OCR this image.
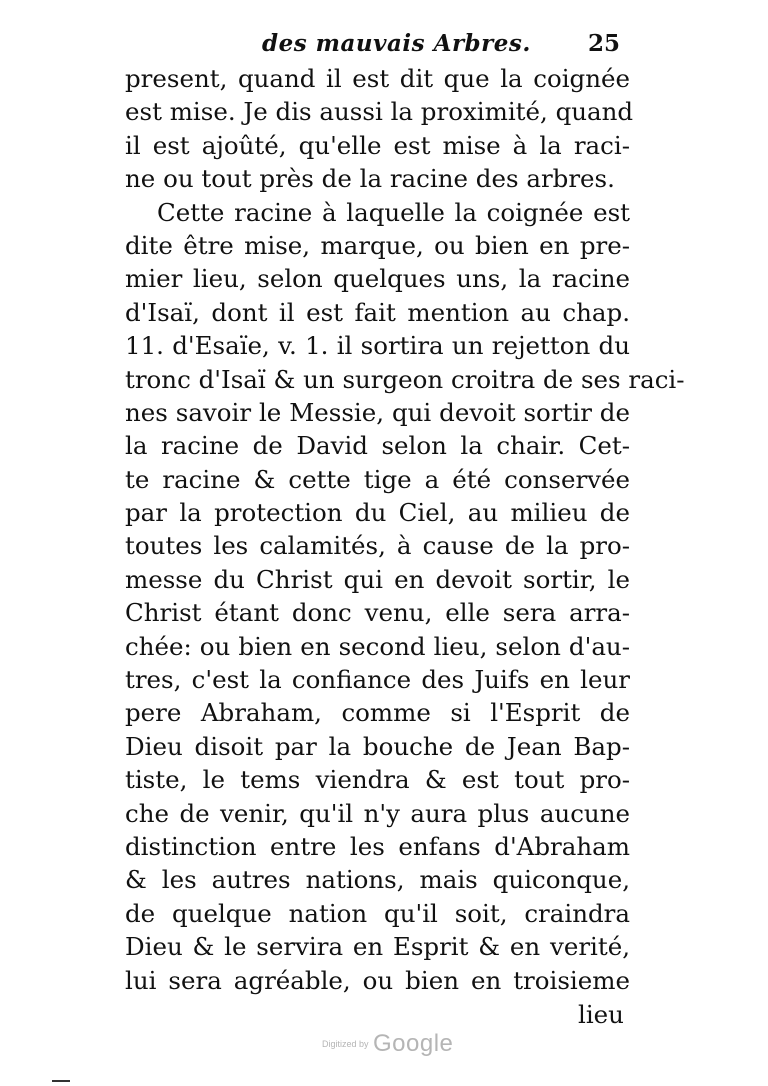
des mauvais Arbres. 25
present, quand il est dit que la coignée
est mise. Je dis aussi la proximité, quand
il est ajoûté, qu'elle est mise à la raci-
ne ou tout près de la racine des arbres.
Cette racine à laquelle la coignée est
dite être mise, marque, ou bien en pre-
mier lieu, selon quelques uns, la racine
d'Isaï, dont il est fait mention au chap.
11. d'Esaïe, v. 1. il sortira un rejetton du
tronc d'Isaï & un surgeon croitra de ses raci-
nes savoir le Messie, qui devoit sortir de
la racine de David selon la chair. Cet-
te racine & cette tige a été conservée
par la protection du Ciel, au milieu de
toutes les calamités, à cause de la pro-
messe du Christ qui en devoit sortir, le
Christ étant donc venu, elle sera arra-
chée: ou bien en second lieu, selon d'au-
tres, c'est la confiance des Juifs en leur
pere Abraham, comme si l'Esprit de
Dieu disoit par la bouche de Jean Bap-
tiste, le tems viendra & est tout pro-
che de venir, qu'il n'y aura plus aucune
distinction entre les enfans d'Abraham
& les autres nations, mais quiconque,
de quelque nation qu'il soit, craindra
Dieu & le servira en Esprit & en verité,
lui sera agréable, ou bien en troisieme
lieu
Digitized by Google
